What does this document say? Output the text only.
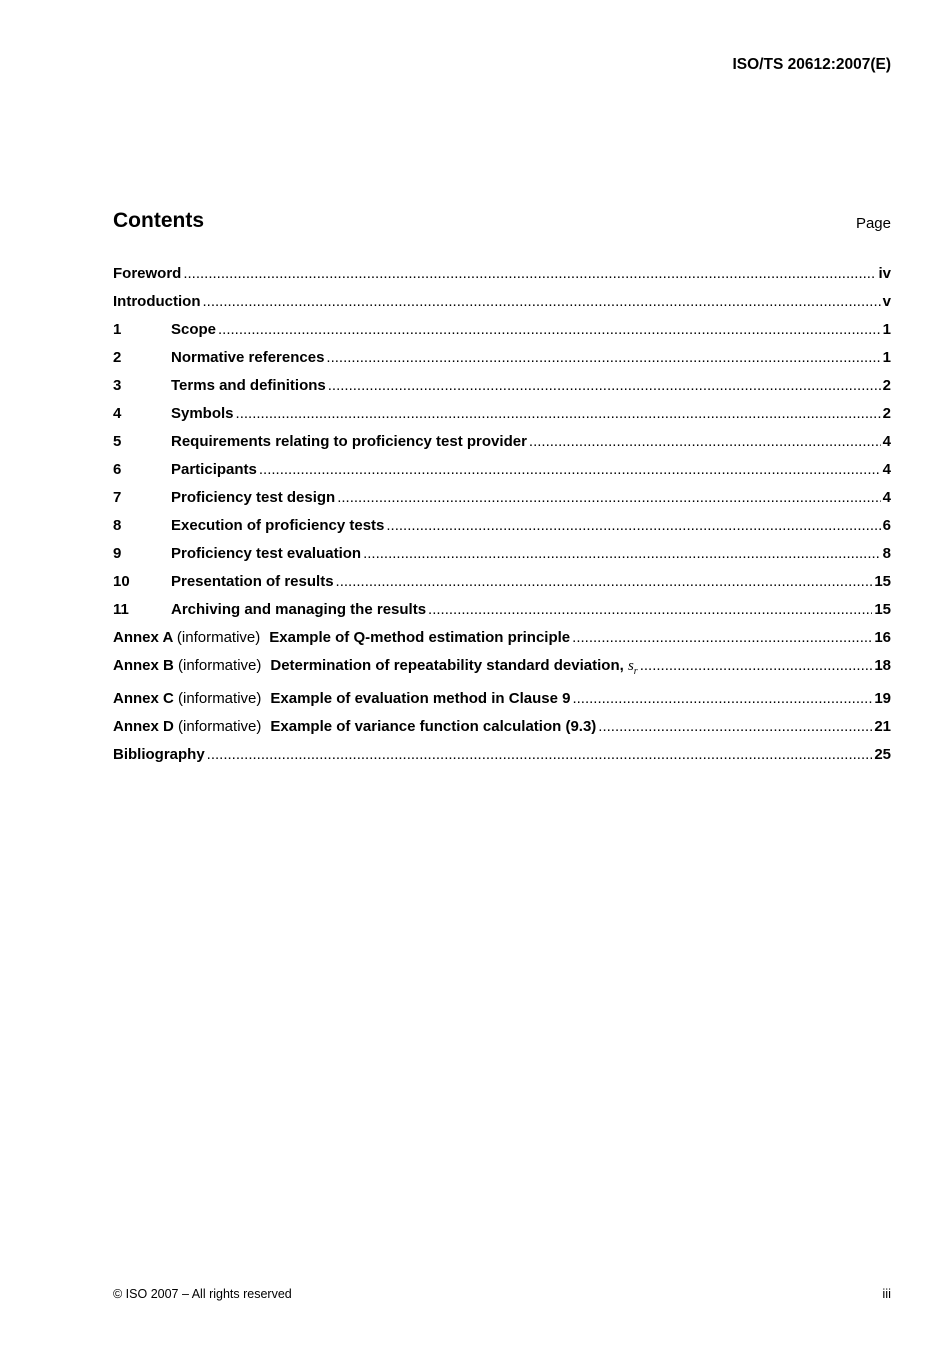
ISO/TS 20612:2007(E)
Contents	Page
Foreword .....	iv
Introduction .....	v
1	Scope .....	1
2	Normative references .....	1
3	Terms and definitions .....	2
4	Symbols .....	2
5	Requirements relating to proficiency test provider .....	4
6	Participants .....	4
7	Proficiency test design .....	4
8	Execution of proficiency tests .....	6
9	Proficiency test evaluation .....	8
10	Presentation of results .....	15
11	Archiving and managing the results .....	15
Annex A (informative) Example of Q-method estimation principle .....	16
Annex B (informative) Determination of repeatability standard deviation, $s_r$ .....	18
Annex C (informative) Example of evaluation method in Clause 9 .....	19
Annex D (informative) Example of variance function calculation (9.3) .....	21
Bibliography .....	25
© ISO 2007 – All rights reserved	iii
